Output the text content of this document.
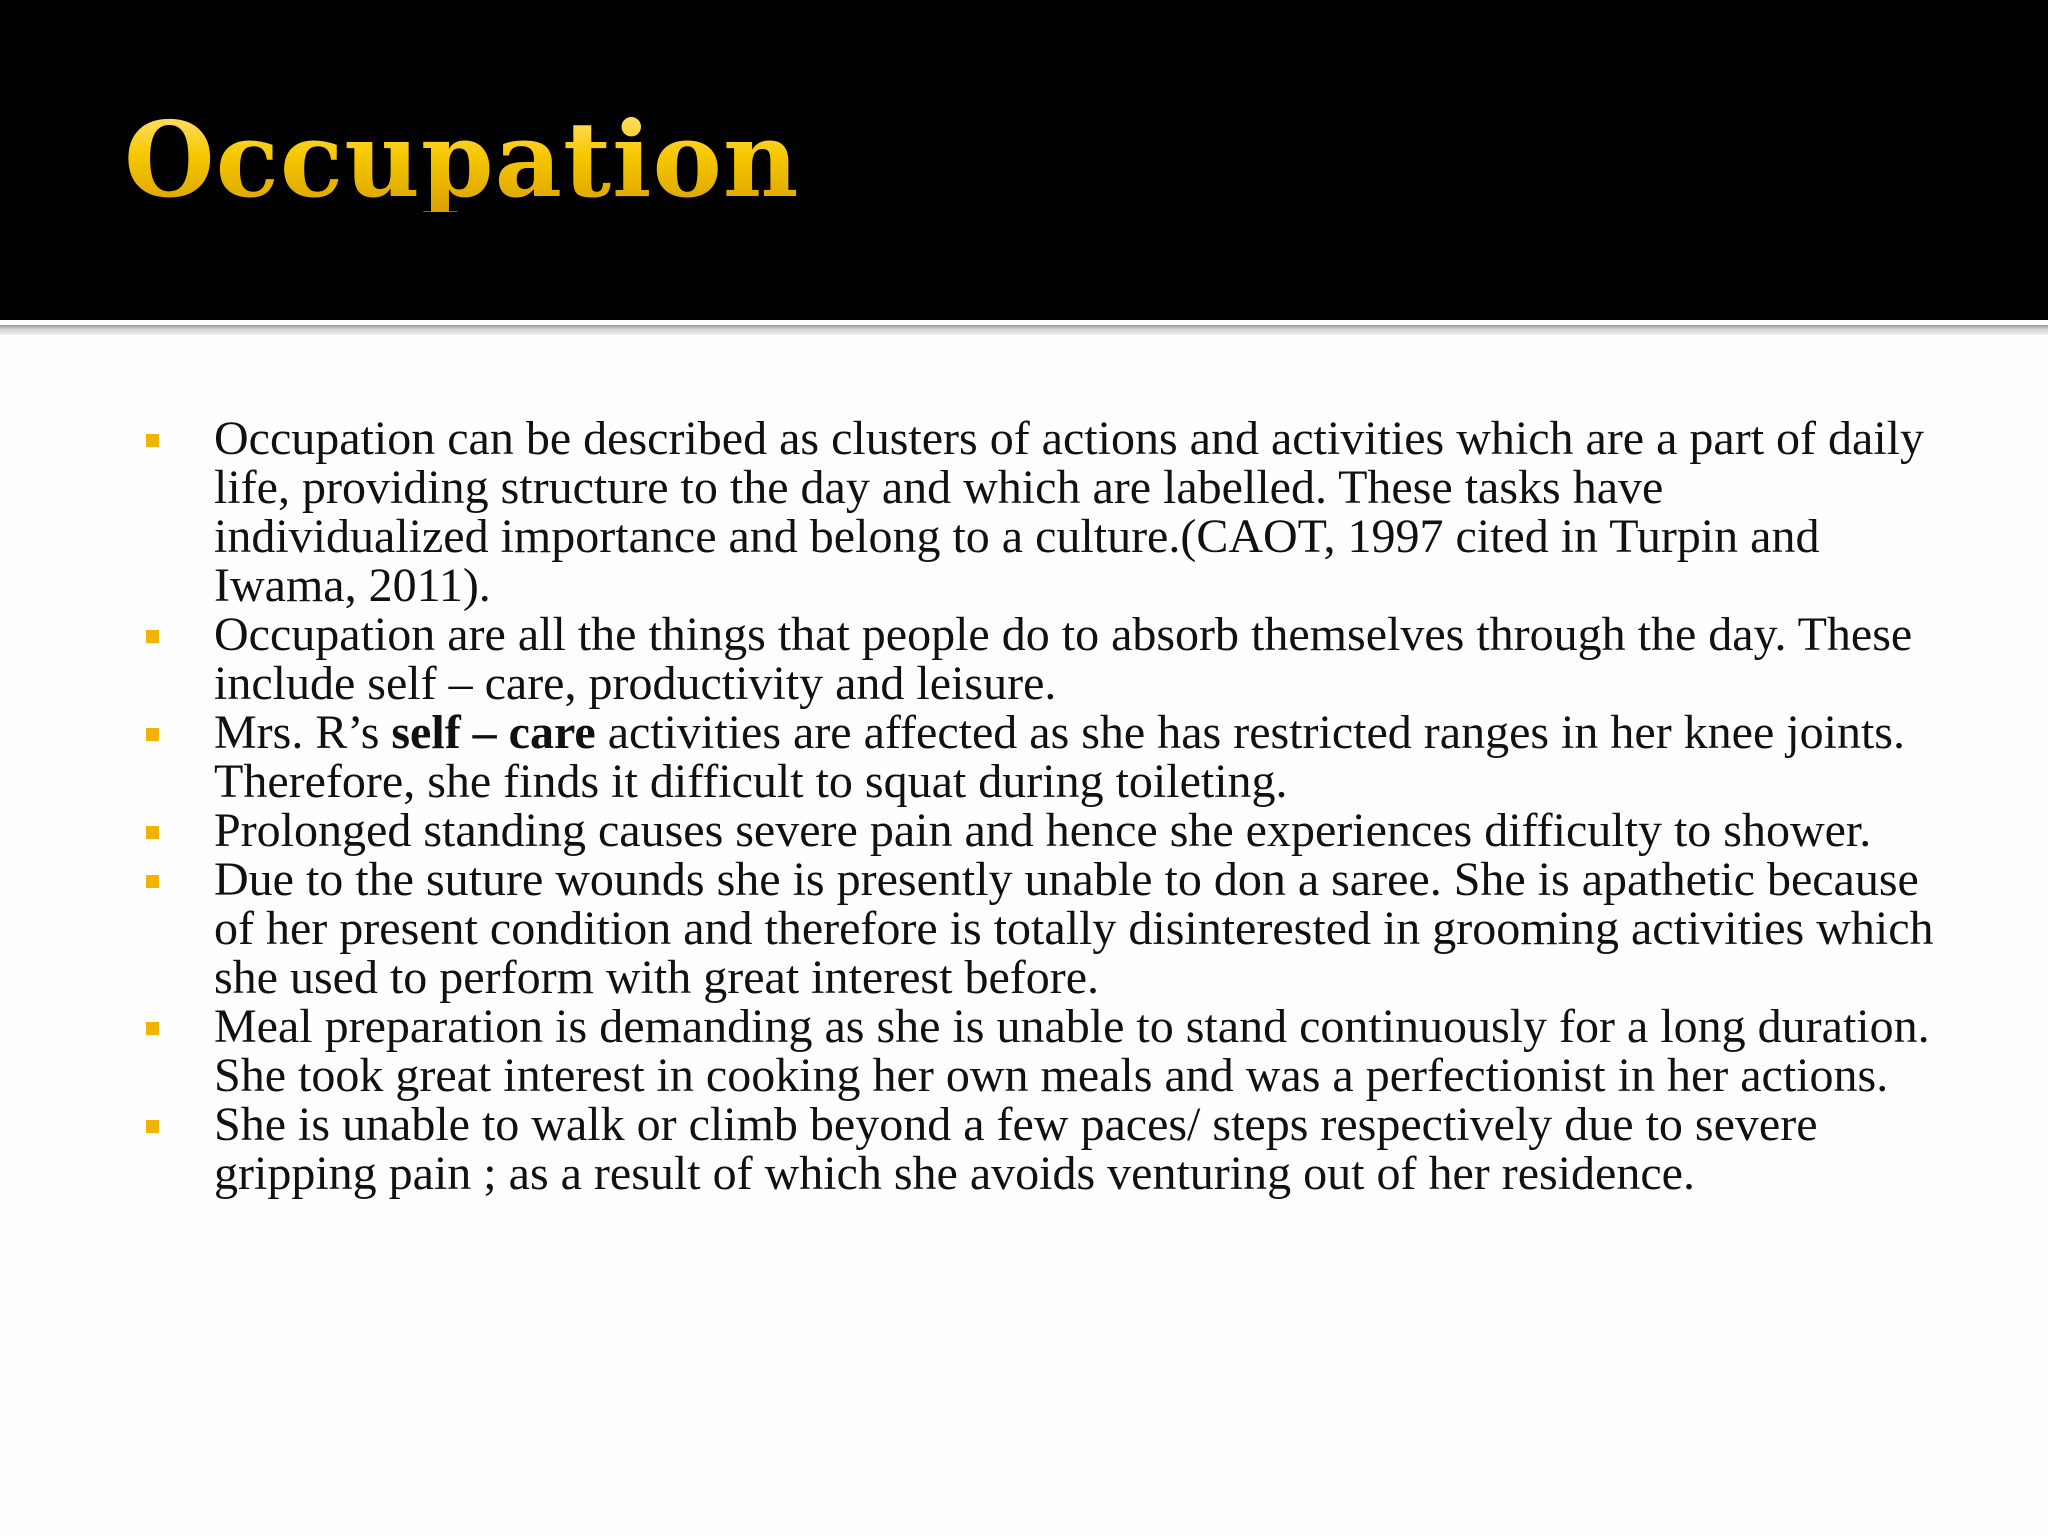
Occupation
Occupation can be described as clusters of actions and activities which are a part of daily life, providing structure to the day and which are labelled. These tasks have individualized importance and belong to a culture.(CAOT, 1997 cited in Turpin and Iwama, 2011).
Occupation are all the things that people do to absorb themselves through the day. These include self – care, productivity and leisure.
Mrs. R’s self – care activities are affected as she has restricted ranges in her knee joints. Therefore, she finds it difficult to squat during toileting.
Prolonged standing causes severe pain and hence she experiences difficulty to shower.
Due to the suture wounds she is presently unable to don a saree. She is apathetic because of her present condition and therefore is totally disinterested in grooming activities which she used to perform with great interest before.
Meal preparation is demanding as she is unable to stand continuously for a long duration. She took great interest in cooking her own meals and was a perfectionist in her actions.
She is unable to walk or climb beyond a few paces/ steps respectively due to severe gripping pain ; as a result of which she avoids venturing out of her residence.
